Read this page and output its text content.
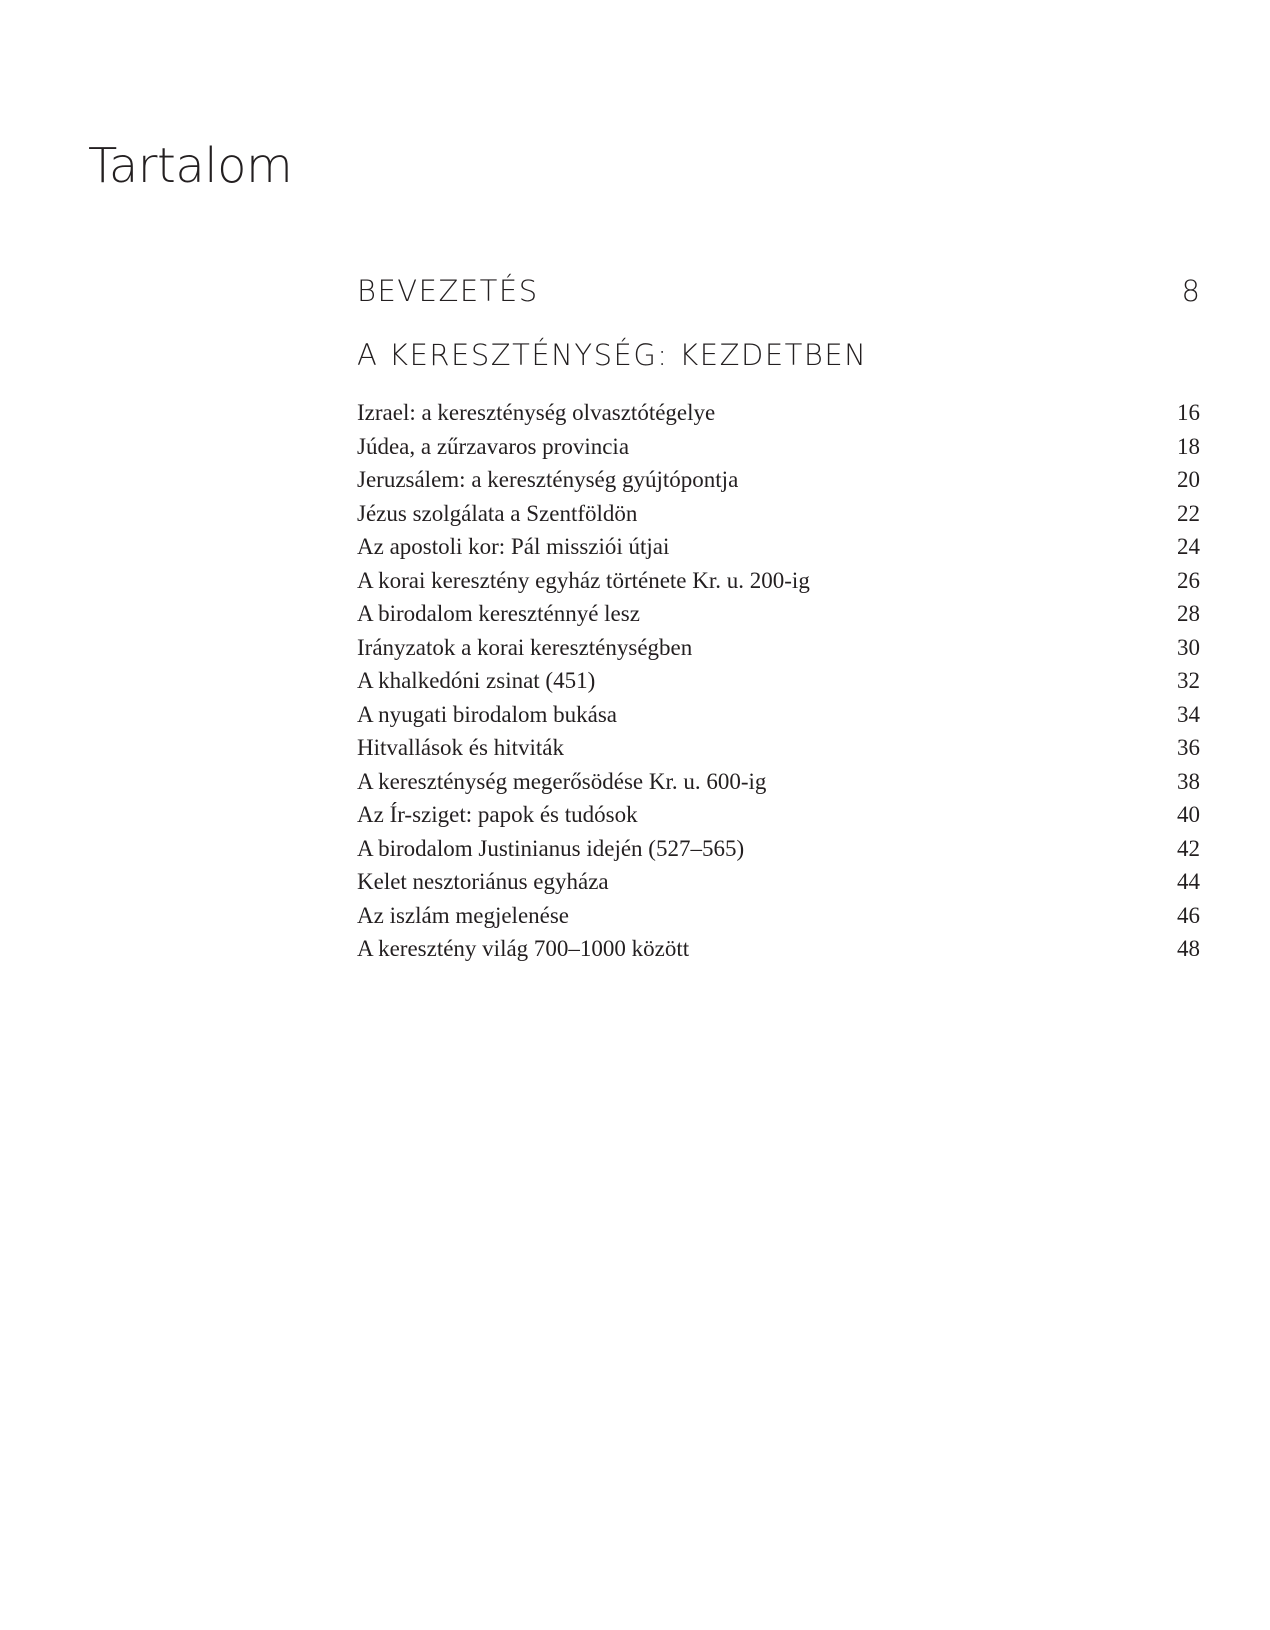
Tartalom
BEVEZETÉS	8
A KERESZTÉNYSÉG: KEZDETBEN
Izrael: a kereszténység olvasztótégelye	16
Júdea, a zűrzavaros provincia	18
Jeruzsálem: a kereszténység gyújtópontja	20
Jézus szolgálata a Szentföldön	22
Az apostoli kor: Pál missziói útjai	24
A korai keresztény egyház története Kr. u. 200-ig	26
A birodalom kereszténnyé lesz	28
Irányzatok a korai kereszténységben	30
A khalkedóni zsinat (451)	32
A nyugati birodalom bukása	34
Hitvallások és hitviták	36
A kereszténység megerősödése Kr. u. 600-ig	38
Az Ír-sziget: papok és tudósok	40
A birodalom Justinianus idején (527–565)	42
Kelet nesztoriánus egyháza	44
Az iszlám megjelenése	46
A keresztény világ 700–1000 között	48
